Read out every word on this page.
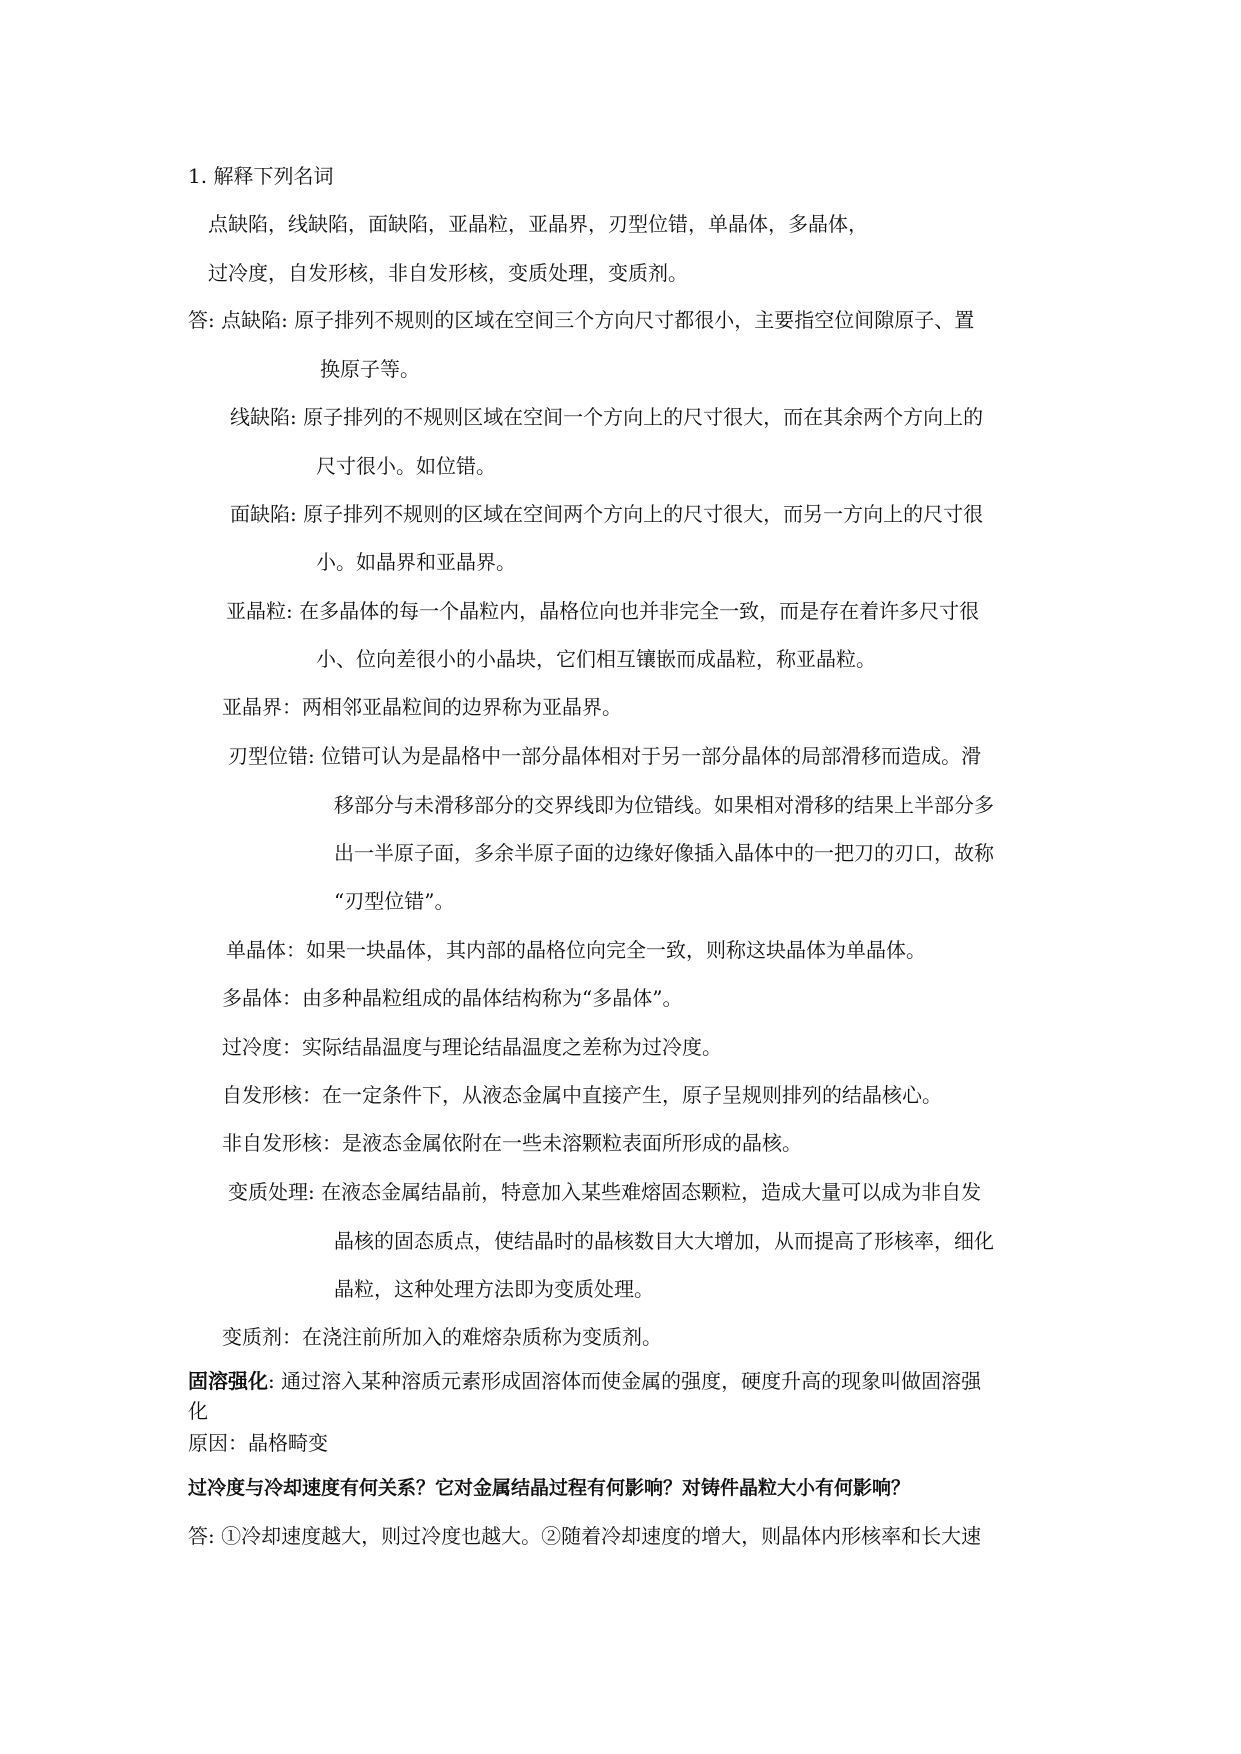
1. 解释下列名词
点缺陷，线缺陷，面缺陷，亚晶粒，亚晶界，刃型位错，单晶体，多晶体，
过冷度，自发形核，非自发形核，变质处理，变质剂。
答: 点缺陷: 原子排列不规则的区域在空间三个方向尺寸都很小，主要指空位间隙原子、置
换原子等。
线缺陷: 原子排列的不规则区域在空间一个方向上的尺寸很大，而在其余两个方向上的
尺寸很小。如位错。
面缺陷: 原子排列不规则的区域在空间两个方向上的尺寸很大，而另一方向上的尺寸很
小。如晶界和亚晶界。
亚晶粒: 在多晶体的每一个晶粒内，晶格位向也并非完全一致，而是存在着许多尺寸很
小、位向差很小的小晶块，它们相互镶嵌而成晶粒，称亚晶粒。
亚晶界：两相邻亚晶粒间的边界称为亚晶界。
刃型位错: 位错可认为是晶格中一部分晶体相对于另一部分晶体的局部滑移而造成。滑
移部分与未滑移部分的交界线即为位错线。如果相对滑移的结果上半部分多
出一半原子面，多余半原子面的边缘好像插入晶体中的一把刀的刃口，故称
“刃型位错”。
单晶体：如果一块晶体，其内部的晶格位向完全一致，则称这块晶体为单晶体。
多晶体：由多种晶粒组成的晶体结构称为“多晶体”。
过冷度：实际结晶温度与理论结晶温度之差称为过冷度。
自发形核：在一定条件下，从液态金属中直接产生，原子呈规则排列的结晶核心。
非自发形核：是液态金属依附在一些未溶颗粒表面所形成的晶核。
变质处理: 在液态金属结晶前，特意加入某些难熔固态颗粒，造成大量可以成为非自发
晶核的固态质点，使结晶时的晶核数目大大增加，从而提高了形核率，细化
晶粒，这种处理方法即为变质处理。
变质剂：在浇注前所加入的难熔杂质称为变质剂。
固溶强化: 通过溶入某种溶质元素形成固溶体而使金属的强度，硬度升高的现象叫做固溶强
化
原因：晶格畸变
过冷度与冷却速度有何关系？它对金属结晶过程有何影响？对铸件晶粒大小有何影响？
答: ①冷却速度越大，则过冷度也越大。②随着冷却速度的增大，则晶体内形核率和长大速
